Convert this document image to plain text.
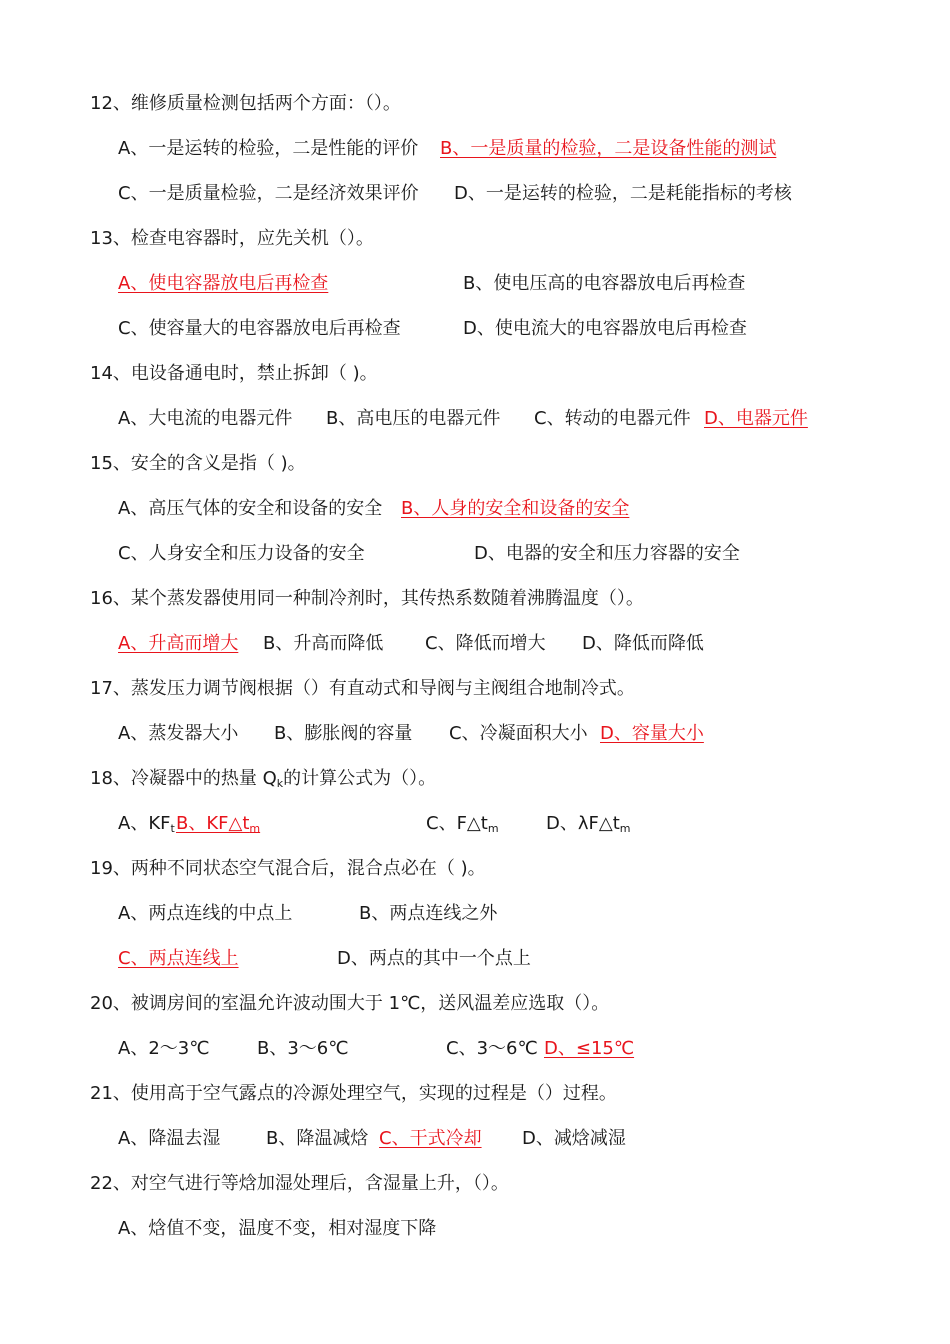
12、维修质量检测包括两个方面：（）。
A、一是运转的检验，二是性能的评价 B、一是质量的检验，二是设备性能的测试
C、一是质量检验，二是经济效果评价 D、一是运转的检验，二是耗能指标的考核
13、检查电容器时，应先关机（）。
A、使电容器放电后再检查	B、使电压高的电容器放电后再检查
C、使容量大的电容器放电后再检查	D、使电流大的电容器放电后再检查
14、电设备通电时，禁止拆卸（ )。
A、大电流的电器元件 B、高电压的电器元件 C、转动的电器元件 D、电器元件
15、安全的含义是指（ )。
A、高压气体的安全和设备的安全 B、人身的安全和设备的安全
C、人身安全和压力设备的安全	D、电器的安全和压力容器的安全
16、某个蒸发器使用同一种制冷剂时，其传热系数随着沸腾温度（）。
A、升高而增大 B、升高而降低 C、降低而增大 D、降低而降低
17、蒸发压力调节阀根据（）有直动式和导阀与主阀组合地制冷式。
A、蒸发器大小 B、膨胀阀的容量 C、冷凝面积大小 D、容量大小
18、冷凝器中的热量 $Q_k$的计算公式为（）。
A、$KF_t$ B、$KF\triangle t_m$	C、$F\triangle t_m$	D、$\lambda F\triangle t_m$
19、两种不同状态空气混合后，混合点必在（ )。
A、两点连线的中点上	B、两点连线之外
C、两点连线上	D、两点的其中一个点上
20、被调房间的室温允许波动围大于 1℃，送风温差应选取（）。
A、2～3℃	B、3～6℃	C、3～6℃ D、≤15℃
21、使用高于空气露点的冷源处理空气，实现的过程是（）过程。
A、降温去湿	B、降温减焓 C、干式冷却 D、减焓减湿
22、对空气进行等焓加湿处理后，含湿量上升，（）。
A、焓值不变，温度不变，相对湿度下降
